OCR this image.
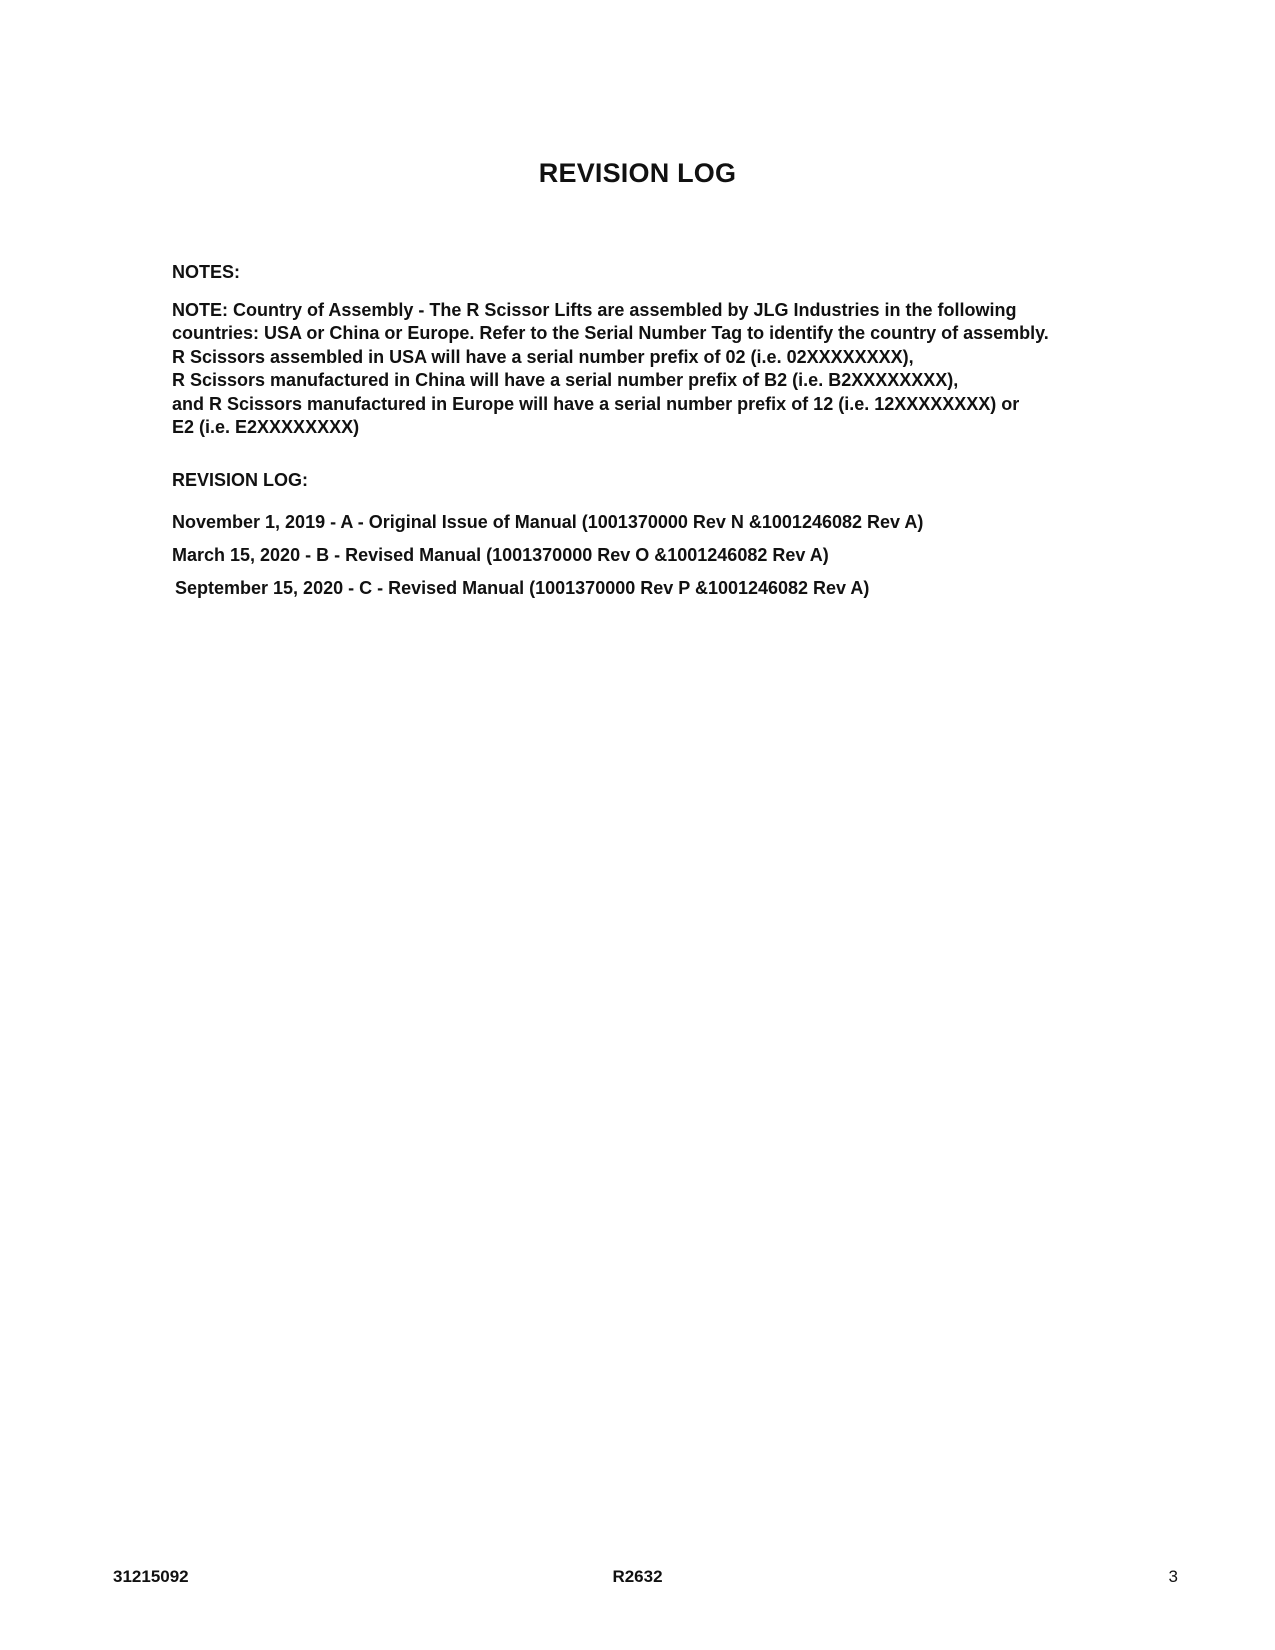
REVISION LOG
NOTES:
NOTE: Country of Assembly - The R Scissor Lifts are assembled by JLG Industries in the following
countries: USA or China or Europe. Refer to the Serial Number Tag to identify the country of assembly.
R Scissors assembled in USA will have a serial number prefix of 02 (i.e. 02XXXXXXXX),
R Scissors manufactured in China will have a serial number prefix of B2 (i.e. B2XXXXXXXX),
and R Scissors manufactured in Europe will have a serial number prefix of 12 (i.e. 12XXXXXXXX) or
E2 (i.e. E2XXXXXXXX)
REVISION LOG:
November 1, 2019 - A - Original Issue of Manual (1001370000 Rev N &1001246082 Rev A)
March 15, 2020 - B - Revised Manual (1001370000 Rev O &1001246082 Rev A)
September 15, 2020 - C - Revised Manual (1001370000 Rev P &1001246082 Rev A)
31215092	R2632	3
